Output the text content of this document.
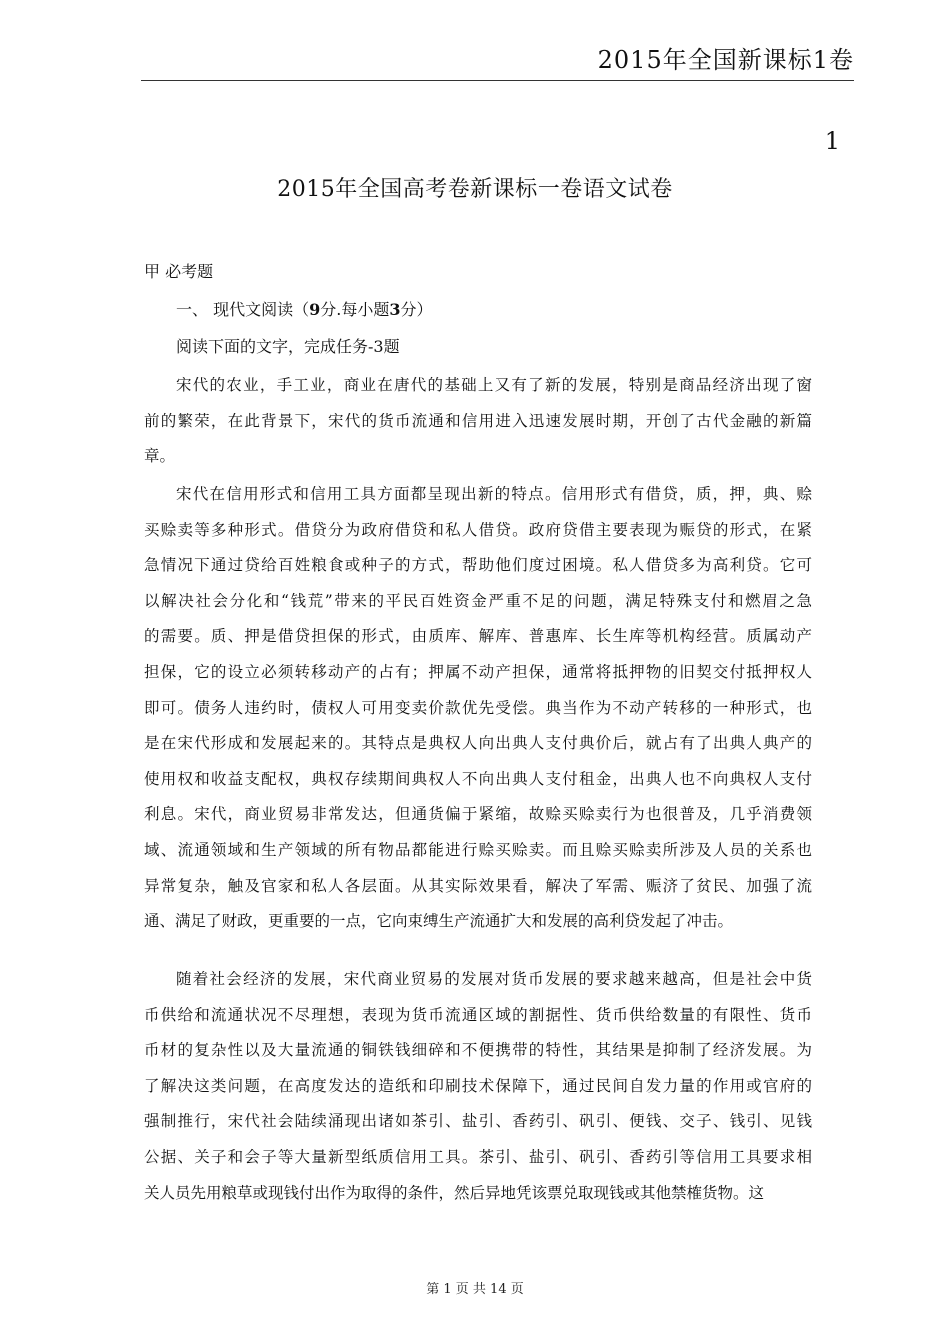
2015年全国新课标1卷
1
2015年全国高考卷新课标一卷语文试卷
甲 必考题
一、 现代文阅读（9分.每小题3分）
阅读下面的文字，完成任务-3题
宋代的农业，手工业，商业在唐代的基础上又有了新的发展，特别是商品经济出现了窗
前的繁荣，在此背景下，宋代的货币流通和信用进入迅速发展时期，开创了古代金融的新篇
章。
宋代在信用形式和信用工具方面都呈现出新的特点。信用形式有借贷，质，押，典、赊
买赊卖等多种形式。借贷分为政府借贷和私人借贷。政府贷借主要表现为赈贷的形式，在紧
急情况下通过贷给百姓粮食或种子的方式，帮助他们度过困境。私人借贷多为高利贷。它可
以解决社会分化和“钱荒”带来的平民百姓资金严重不足的问题，满足特殊支付和燃眉之急
的需要。质、押是借贷担保的形式，由质库、解库、普惠库、长生库等机构经营。质属动产
担保，它的设立必须转移动产的占有；押属不动产担保，通常将抵押物的旧契交付抵押权人
即可。债务人违约时，债权人可用变卖价款优先受偿。典当作为不动产转移的一种形式，也
是在宋代形成和发展起来的。其特点是典权人向出典人支付典价后，就占有了出典人典产的
使用权和收益支配权，典权存续期间典权人不向出典人支付租金，出典人也不向典权人支付
利息。宋代，商业贸易非常发达，但通货偏于紧缩，故赊买赊卖行为也很普及，几乎消费领
域、流通领域和生产领域的所有物品都能进行赊买赊卖。而且赊买赊卖所涉及人员的关系也
异常复杂，触及官家和私人各层面。从其实际效果看，解决了军需、赈济了贫民、加强了流
通、满足了财政，更重要的一点，它向束缚生产流通扩大和发展的高利贷发起了冲击。
随着社会经济的发展，宋代商业贸易的发展对货币发展的要求越来越高，但是社会中货
币供给和流通状况不尽理想，表现为货币流通区域的割据性、货币供给数量的有限性、货币
币材的复杂性以及大量流通的铜铁钱细碎和不便携带的特性，其结果是抑制了经济发展。为
了解决这类问题，在高度发达的造纸和印刷技术保障下，通过民间自发力量的作用或官府的
强制推行，宋代社会陆续涌现出诸如茶引、盐引、香药引、矾引、便钱、交子、钱引、见钱
公据、关子和会子等大量新型纸质信用工具。茶引、盐引、矾引、香药引等信用工具要求相
关人员先用粮草或现钱付出作为取得的条件，然后异地凭该票兑取现钱或其他禁榷货物。这
第 1 页 共 14 页
